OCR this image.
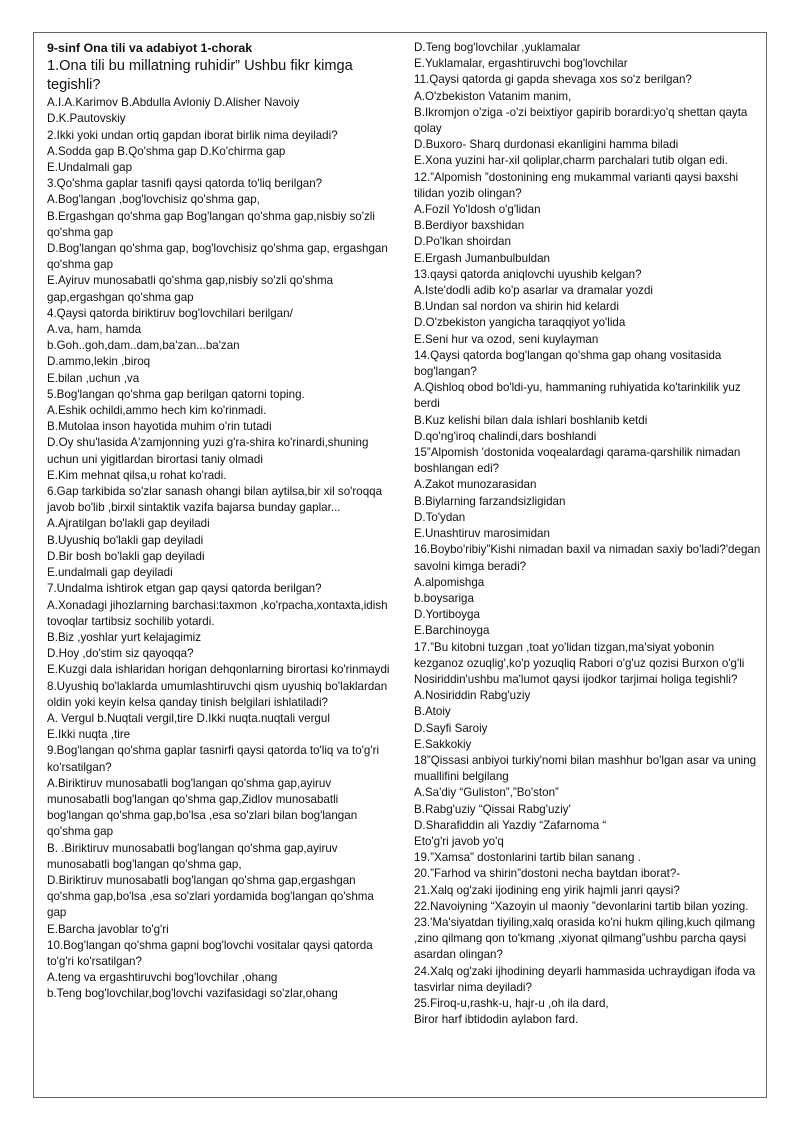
9-sinf Ona tili va adabiyot 1-chorak
1.Ona tili bu millatning ruhidir” Ushbu fikr kimga tegishli?
A.I.A.Karimov B.Abdulla Avloniy D.Alisher Navoiy
D.K.Pautovskiy
2.Ikki yoki undan ortiq gapdan iborat birlik nima deyiladi?
A.Sodda gap B.Qo'shma gap D.Ko'chirma gap
E.Undalmali gap
3.Qo'shma gaplar tasnifi qaysi qatorda to'liq berilgan?
A.Bog'langan ,bog'lovchisiz qo'shma gap,
B.Ergashgan qo'shma gap Bog'langan qo'shma gap,nisbiy so'zli qo'shma gap
D.Bog'langan qo'shma gap, bog'lovchisiz qo'shma gap, ergashgan qo'shma gap
E.Ayiruv munosabatli qo'shma gap,nisbiy so'zli qo'shma gap,ergashgan qo'shma gap
4.Qaysi qatorda biriktiruv bog'lovchilari berilgan/
A.va, ham, hamda
b.Goh..goh,dam..dam,ba'zan...ba'zan
D.ammo,lekin ,biroq
E.bilan ,uchun ,va
5.Bog'langan qo'shma gap berilgan qatorni toping.
A.Eshik ochildi,ammo hech kim ko'rinmadi.
B.Mutolaa inson hayotida muhim o'rin tutadi
D.Oy shu'lasida A'zamjonning yuzi g'ra-shira ko'rinardi,shuning uchun uni yigitlardan birortasi taniy olmadi
E.Kim mehnat qilsa,u rohat ko'radi.
6.Gap tarkibida so'zlar sanash ohangi bilan aytilsa,bir xil so'roqqa javob bo'lib ,birxil sintaktik vazifa bajarsa bunday gaplar...
A.Ajratilgan bo'lakli gap deyiladi
B.Uyushiq bo'lakli gap deyiladi
D.Bir bosh bo'lakli gap deyiladi
E.undalmali gap deyiladi
7.Undalma ishtirok etgan gap qaysi qatorda berilgan?
A.Xonadagi jihozlarning barchasi:taxmon ,ko'rpacha,xontaxta,idish tovoqlar tartibsiz sochilib yotardi.
B.Biz ,yoshlar yurt kelajagimiz
D.Hoy ,do'stim siz qayoqqa?
E.Kuzgi dala ishlaridan horigan dehqonlarning birortasi ko'rinmaydi
8.Uyushiq bo'laklarda umumlashtiruvchi qism uyushiq bo'laklardan oldin yoki keyin kelsa qanday tinish belgilari ishlatiladi?
A. Vergul b.Nuqtali vergil,tire D.Ikki nuqta.nuqtali vergul
E.Ikki nuqta ,tire
9.Bog'langan qo'shma gaplar tasnirfi qaysi qatorda to'liq va to'g'ri ko'rsatilgan?
A.Biriktiruv munosabatli bog'langan qo'shma gap,ayiruv munosabatli bog'langan qo'shma gap,Zidlov munosabatli bog'langan qo'shma gap,bo'lsa ,esa so'zlari bilan bog'langan qo'shma gap
B. .Biriktiruv munosabatli bog'langan qo'shma gap,ayiruv munosabatli bog'langan qo'shma gap,
D.Biriktiruv munosabatli bog'langan qo'shma gap,ergashgan qo'shma gap,bo'lsa ,esa so'zlari yordamida bog'langan qo'shma gap
E.Barcha javoblar to'g'ri
10.Bog'langan qo'shma gapni bog'lovchi vositalar qaysi qatorda to'g'ri ko'rsatilgan?
A.teng va ergashtiruvchi bog'lovchilar ,ohang
b.Teng bog'lovchilar,bog'lovchi vazifasidagi so'zlar,ohang
D.Teng bog'lovchilar ,yuklamalar
E.Yuklamalar, ergashtiruvchi bog'lovchilar
11.Qaysi qatorda gi gapda shevaga xos so'z berilgan?
A.O'zbekiston Vatanim manim,
B.Ikromjon o'ziga -o'zi beixtiyor gapirib borardi:yo'q shettan qayta qolay
D.Buxoro- Sharq durdonasi ekanligini hamma biladi
E.Xona yuzini har-xil qoliplar,charm parchalari tutib olgan edi.
12.”Alpomish ”dostonining eng mukammal varianti qaysi baxshi tilidan yozib olingan?
A.Fozil Yo'ldosh o'g'lidan
B.Berdiyor baxshidan
D.Po'lkan shoirdan
E.Ergash Jumanbulbuldan
13.qaysi qatorda aniqlovchi uyushib kelgan?
A.Iste'dodli adib ko'p asarlar va dramalar yozdi
B.Undan sal nordon va shirin hid kelardi
D.O'zbekiston yangicha taraqqiyot yo'lida
E.Seni hur va ozod, seni kuylayman
14.Qaysi qatorda bog'langan qo'shma gap ohang vositasida bog'langan?
A.Qishloq obod bo'ldi-yu, hammaning ruhiyatida ko'tarinkilik yuz berdi
B.Kuz kelishi bilan dala ishlari boshlanib ketdi
D.qo'ng'iroq chalindi,dars boshlandi
15”Alpomish 'dostonida voqealardagi qarama-qarshilik nimadan boshlangan edi?
A.Zakot munozarasidan
B.Biylarning farzandsizligidan
D.To'ydan
E.Unashtiruv marosimidan
16.Boybo'ribiy”Kishi nimadan baxil va nimadan saxiy bo'ladi?'degan savolni kimga beradi?
A.alpomishga
b.boysariga
D.Yortiboyga
E.Barchinoyga
17.”Bu kitobni tuzgan ,toat yo'lidan tizgan,ma'siyat yobonin kezganoz ozuqlig',ko'p yozuqliq Rabori o'g'uz qozisi Burxon o'g'li Nosiriddin'ushbu ma'lumot qaysi ijodkor tarjimai holiga tegishli?
A.Nosiriddin Rabg'uziy
B.Atoiy
D.Sayfi Saroiy
E.Sakkokiy
18”Qissasi anbiyoi turkiy'nomi bilan mashhur bo'lgan asar va uning muallifini belgilang
A.Sa'diy “Guliston”,”Bo'ston”
B.Rabg'uziy “Qissai Rabg'uziy'
D.Sharafiddin ali Yazdiy “Zafarnoma “
Eto'g'ri javob yo'q
19.”Xamsa” dostonlarini tartib bilan sanang .
20.”Farhod va shirin”dostoni necha baytdan iborat?-
21.Xalq og'zaki ijodining eng yirik hajmli janri qaysi?
22.Navoiyning “Xazoyin ul maoniy ”devonlarini tartib bilan yozing.
23.'Ma'siyatdan tiyiling,xalq orasida ko'ni hukm qiling,kuch qilmang ,zino qilmang qon to'kmang ,xiyonat qilmang”ushbu parcha qaysi asardan olingan?
24.Xalq og'zaki ijhodining deyarli hammasida uchraydigan ifoda va tasvirlar nima deyiladi?
25.Firoq-u,rashk-u, hajr-u ,oh ila dard,
Biror harf ibtidodin aylabon fard.
